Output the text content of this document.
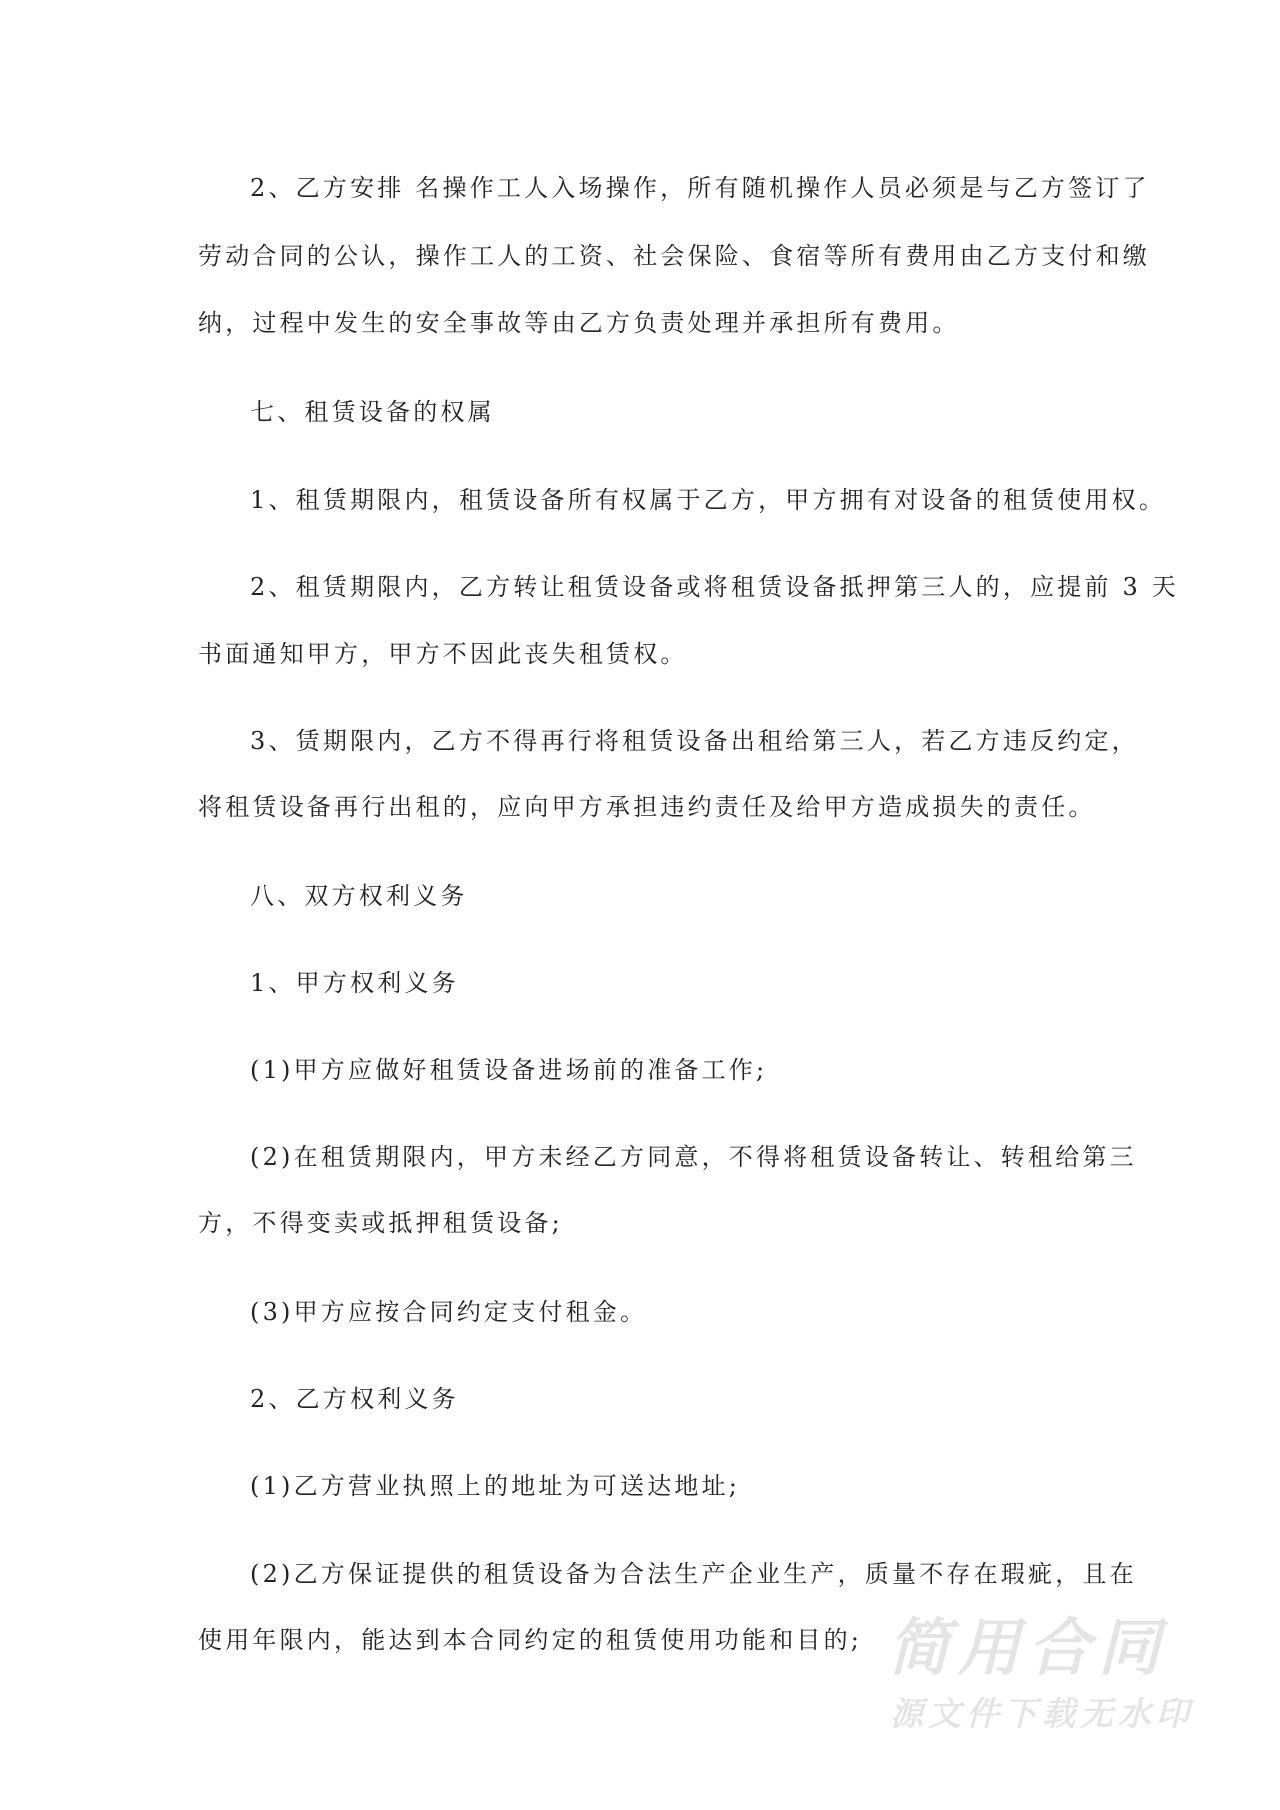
2、乙方安排 名操作工人入场操作，所有随机操作人员必须是与乙方签订了
劳动合同的公认，操作工人的工资、社会保险、食宿等所有费用由乙方支付和缴
纳，过程中发生的安全事故等由乙方负责处理并承担所有费用。
七、租赁设备的权属
1、租赁期限内，租赁设备所有权属于乙方，甲方拥有对设备的租赁使用权。
2、租赁期限内，乙方转让租赁设备或将租赁设备抵押第三人的，应提前 3 天
书面通知甲方，甲方不因此丧失租赁权。
3、赁期限内，乙方不得再行将租赁设备出租给第三人，若乙方违反约定，
将租赁设备再行出租的，应向甲方承担违约责任及给甲方造成损失的责任。
八、双方权利义务
1、甲方权利义务
(1)甲方应做好租赁设备进场前的准备工作;
(2)在租赁期限内，甲方未经乙方同意，不得将租赁设备转让、转租给第三
方，不得变卖或抵押租赁设备;
(3)甲方应按合同约定支付租金。
2、乙方权利义务
(1)乙方营业执照上的地址为可送达地址;
(2)乙方保证提供的租赁设备为合法生产企业生产，质量不存在瑕疵，且在
使用年限内，能达到本合同约定的租赁使用功能和目的; 简用合同
源文件下载无水印
